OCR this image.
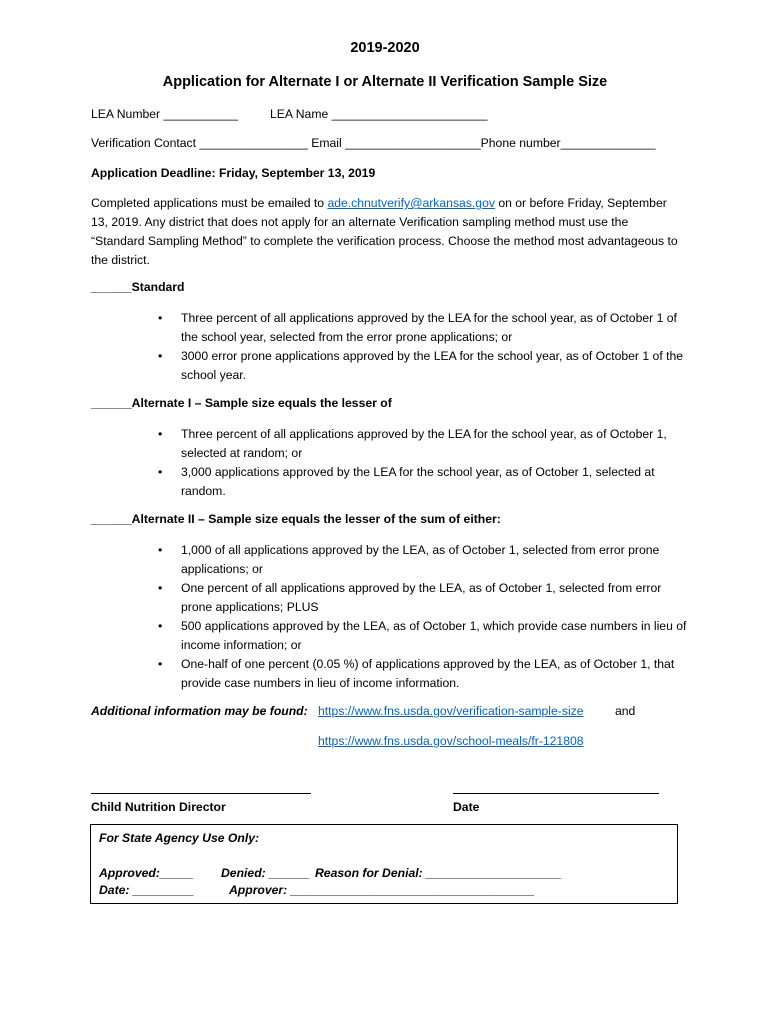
2019-2020
Application for Alternate I or Alternate II Verification Sample Size
LEA Number ___________	LEA Name _______________________
Verification Contact ________________ Email ____________________Phone number______________
Application Deadline: Friday, September 13, 2019
Completed applications must be emailed to ade.chnutverify@arkansas.gov on or before Friday, September 13, 2019. Any district that does not apply for an alternate Verification sampling method must use the “Standard Sampling Method” to complete the verification process. Choose the method most advantageous to the district.
______Standard
• Three percent of all applications approved by the LEA for the school year, as of October 1 of the school year, selected from the error prone applications; or
• 3000 error prone applications approved by the LEA for the school year, as of October 1 of the school year.
______Alternate I – Sample size equals the lesser of
• Three percent of all applications approved by the LEA for the school year, as of October 1, selected at random; or
• 3,000 applications approved by the LEA for the school year, as of October 1, selected at random.
______Alternate II – Sample size equals the lesser of the sum of either:
• 1,000 of all applications approved by the LEA, as of October 1, selected from error prone applications; or
• One percent of all applications approved by the LEA, as of October 1, selected from error prone applications; PLUS
• 500 applications approved by the LEA, as of October 1, which provide case numbers in lieu of income information; or
• One-half of one percent (0.05 %) of applications approved by the LEA, as of October 1, that provide case numbers in lieu of income information.
Additional information may be found: https://www.fns.usda.gov/verification-sample-size	and
https://www.fns.usda.gov/school-meals/fr-121808
Child Nutrition Director	Date
For State Agency Use Only:
Approved:_____ Denied: ______ Reason for Denial: ____________________
Date: _________	Approver: ____________________________________
